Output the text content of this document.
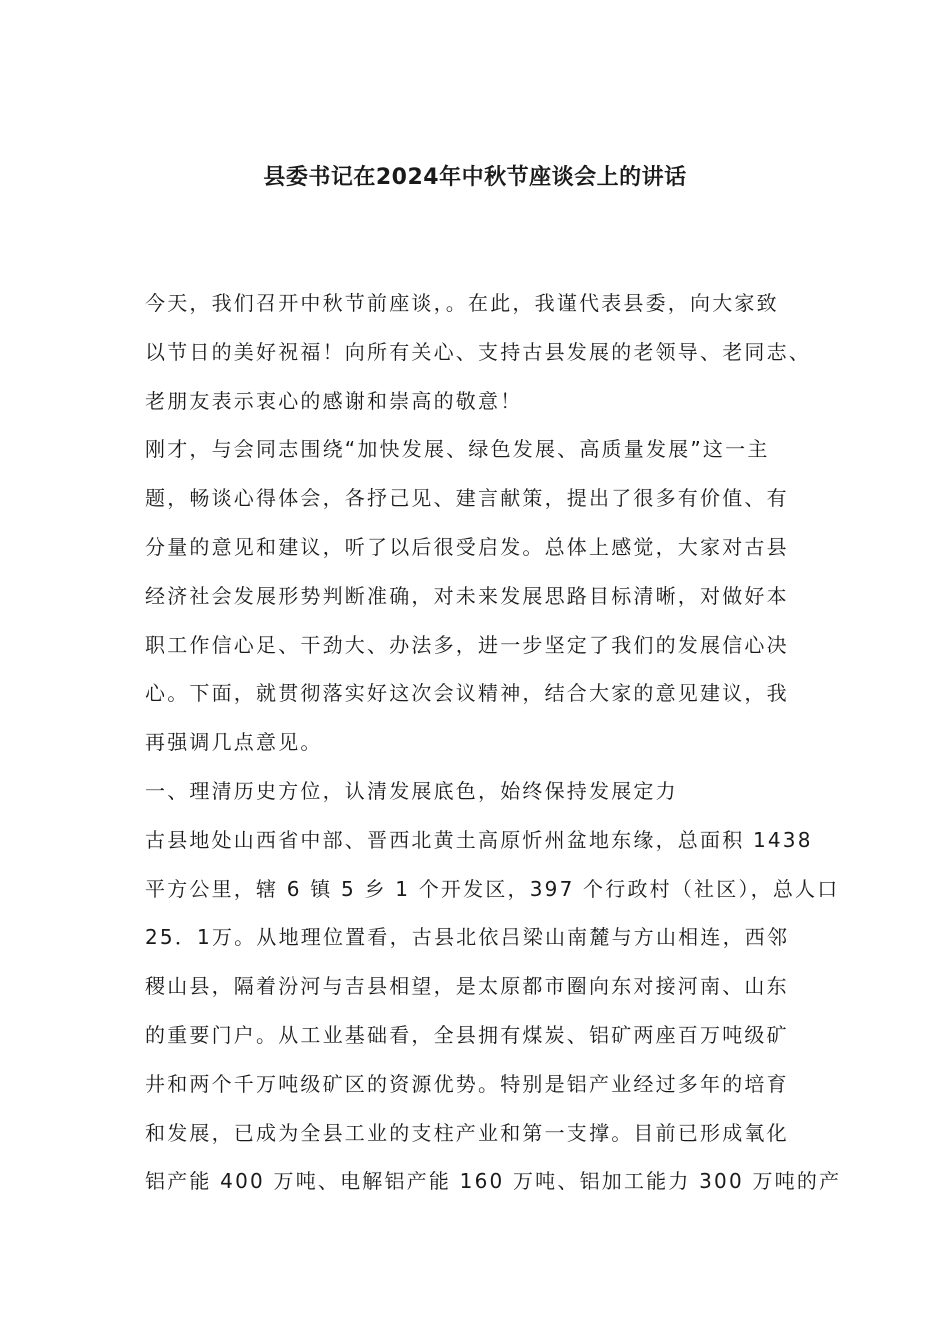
县委书记在2024年中秋节座谈会上的讲话
今天，我们召开中秋节前座谈，。在此，我谨代表县委，向大家致
以节日的美好祝福！向所有关心、支持古县发展的老领导、老同志、
老朋友表示衷心的感谢和崇高的敬意！
刚才，与会同志围绕“加快发展、绿色发展、高质量发展”这一主
题，畅谈心得体会，各抒己见、建言献策，提出了很多有价值、有
分量的意见和建议，听了以后很受启发。总体上感觉，大家对古县
经济社会发展形势判断准确，对未来发展思路目标清晰，对做好本
职工作信心足、干劲大、办法多，进一步坚定了我们的发展信心决
心。下面，就贯彻落实好这次会议精神，结合大家的意见建议，我
再强调几点意见。
一、理清历史方位，认清发展底色，始终保持发展定力
古县地处山西省中部、晋西北黄土高原忻州盆地东缘，总面积 1438
平方公里，辖 6 镇 5 乡 1 个开发区，397 个行政村（社区），总人口
25．1万。从地理位置看，古县北依吕梁山南麓与方山相连，西邻
稷山县，隔着汾河与吉县相望，是太原都市圈向东对接河南、山东
的重要门户。从工业基础看，全县拥有煤炭、铝矿两座百万吨级矿
井和两个千万吨级矿区的资源优势。特别是铝产业经过多年的培育
和发展，已成为全县工业的支柱产业和第一支撑。目前已形成氧化
铝产能 400 万吨、电解铝产能 160 万吨、铝加工能力 300 万吨的产
